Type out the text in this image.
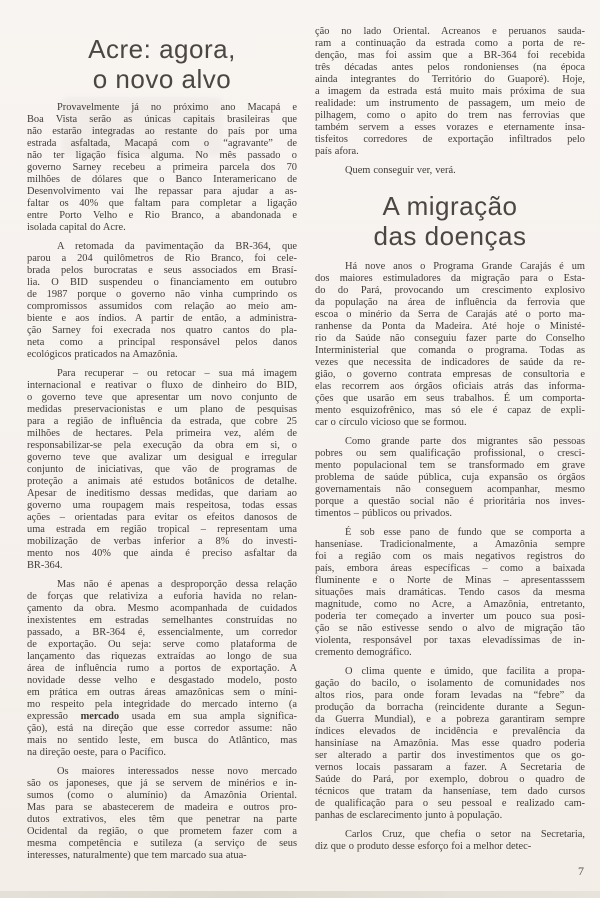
Acre: agora,
o novo alvo
Provavelmente já no próximo ano Macapá e
Boa Vista serão as únicas capitais brasileiras que
não estarão integradas ao restante do país por uma
estrada asfaltada, Macapá com o “agravante” de
não ter ligação física alguma. No mês passado o
governo Sarney recebeu a primeira parcela dos 70
milhões de dólares que o Banco Interamericano de
Desenvolvimento vai lhe repassar para ajudar a as-
faltar os 40% que faltam para completar a ligação
entre Porto Velho e Rio Branco, a abandonada e
isolada capital do Acre.
A retomada da pavimentação da BR-364, que
parou a 204 quilômetros de Rio Branco, foi cele-
brada pelos burocratas e seus associados em Brasí-
lia. O BID suspendeu o financiamento em outubro
de 1987 porque o governo não vinha cumprindo os
compromissos assumidos com relação ao meio am-
biente e aos índios. A partir de então, a administra-
ção Sarney foi execrada nos quatro cantos do pla-
neta como a principal responsável pelos danos
ecológicos praticados na Amazônia.
Para recuperar – ou retocar – sua má imagem
internacional e reativar o fluxo de dinheiro do BID,
o governo teve que apresentar um novo conjunto de
medidas preservacionistas e um plano de pesquisas
para a região de influência da estrada, que cobre 25
milhões de hectares. Pela primeira vez, além de
responsabilizar-se pela execução da obra em si, o
governo teve que avalizar um desigual e irregular
conjunto de iniciativas, que vão de programas de
proteção a animais até estudos botânicos de detalhe.
Apesar de ineditismo dessas medidas, que dariam ao
governo uma roupagem mais respeitosa, todas essas
ações – orientadas para evitar os efeitos danosos de
uma estrada em região tropical – representam uma
mobilização de verbas inferior a 8% do investi-
mento nos 40% que ainda é preciso asfaltar da
BR-364.
Mas não é apenas a desproporção dessa relação
de forças que relativiza a euforia havida no relan-
çamento da obra. Mesmo acompanhada de cuidados
inexistentes em estradas semelhantes construídas no
passado, a BR-364 é, essencialmente, um corredor
de exportação. Ou seja: serve como plataforma de
lançamento das riquezas extraídas ao longo de sua
área de influência rumo a portos de exportação. A
novidade desse velho e desgastado modelo, posto
em prática em outras áreas amazônicas sem o míni-
mo respeito pela integridade do mercado interno (a
expressão mercado usada em sua ampla significa-
ção), está na direção que esse corredor assume: não
mais no sentido leste, em busca do Atlântico, mas
na direção oeste, para o Pacífico.
Os maiores interessados nesse novo mercado
são os japoneses, que já se servem de minérios e in-
sumos (como o alumínio) da Amazônia Oriental.
Mas para se abastecerem de madeira e outros pro-
dutos extrativos, eles têm que penetrar na parte
Ocidental da região, o que prometem fazer com a
mesma competência e sutileza (a serviço de seus
interesses, naturalmente) que tem marcado sua atua-
ção no lado Oriental. Acreanos e peruanos sauda-
ram a continuação da estrada como a porta de re-
denção, mas foi assim que a BR-364 foi recebida
três décadas antes pelos rondonienses (na época
ainda integrantes do Território do Guaporé). Hoje,
a imagem da estrada está muito mais próxima de sua
realidade: um instrumento de passagem, um meio de
pilhagem, como o apito do trem nas ferrovias que
também servem a esses vorazes e eternamente insa-
tisfeitos corredores de exportação infiltrados pelo
país afora.
Quem conseguir ver, verá.
A migração
das doenças
Há nove anos o Programa Grande Carajás é um
dos maiores estimuladores da migração para o Esta-
do do Pará, provocando um crescimento explosivo
da população na área de influência da ferrovia que
escoa o minério da Serra de Carajás até o porto ma-
ranhense da Ponta da Madeira. Até hoje o Ministé-
rio da Saúde não conseguiu fazer parte do Conselho
Interministerial que comanda o programa. Todas as
vezes que necessita de indicadores de saúde da re-
gião, o governo contrata empresas de consultoria e
elas recorrem aos órgãos oficiais atrás das informa-
ções que usarão em seus trabalhos. É um comporta-
mento esquizofrênico, mas só ele é capaz de expli-
car o círculo vicioso que se formou.
Como grande parte dos migrantes são pessoas
pobres ou sem qualificação profissional, o cresci-
mento populacional tem se transformado em grave
problema de saúde pública, cuja expansão os órgãos
governamentais não conseguem acompanhar, mesmo
porque a questão social não é prioritária nos inves-
timentos – públicos ou privados.
É sob esse pano de fundo que se comporta a
hanseníase. Tradicionalmente, a Amazônia sempre
foi a região com os mais negativos registros do
país, embora áreas específicas – como a baixada
fluminente e o Norte de Minas – apresentasssem
situações mais dramáticas. Tendo casos da mesma
magnitude, como no Acre, a Amazônia, entretanto,
poderia ter começado a inverter um pouco sua posi-
ção se não estivesse sendo o alvo de migração tão
violenta, responsável por taxas elevadíssimas de in-
cremento demográfico.
O clima quente e úmido, que facilita a propa-
gação do bacilo, o isolamento de comunidades nos
altos rios, para onde foram levadas na “febre” da
produção da borracha (reincidente durante a Segun-
da Guerra Mundial), e a pobreza garantiram sempre
índices elevados de incidência e prevalência da
hansiníase na Amazônia. Mas esse quadro poderia
ser alterado a partir dos investimentos que os go-
vernos locais passaram a fazer. A Secretaria de
Saúde do Pará, por exemplo, dobrou o quadro de
técnicos que tratam da hanseníase, tem dado cursos
de qualificação para o seu pessoal e realizado cam-
panhas de esclarecimento junto à população.
Carlos Cruz, que chefia o setor na Secretaria,
diz que o produto desse esforço foi a melhor detec-
7
